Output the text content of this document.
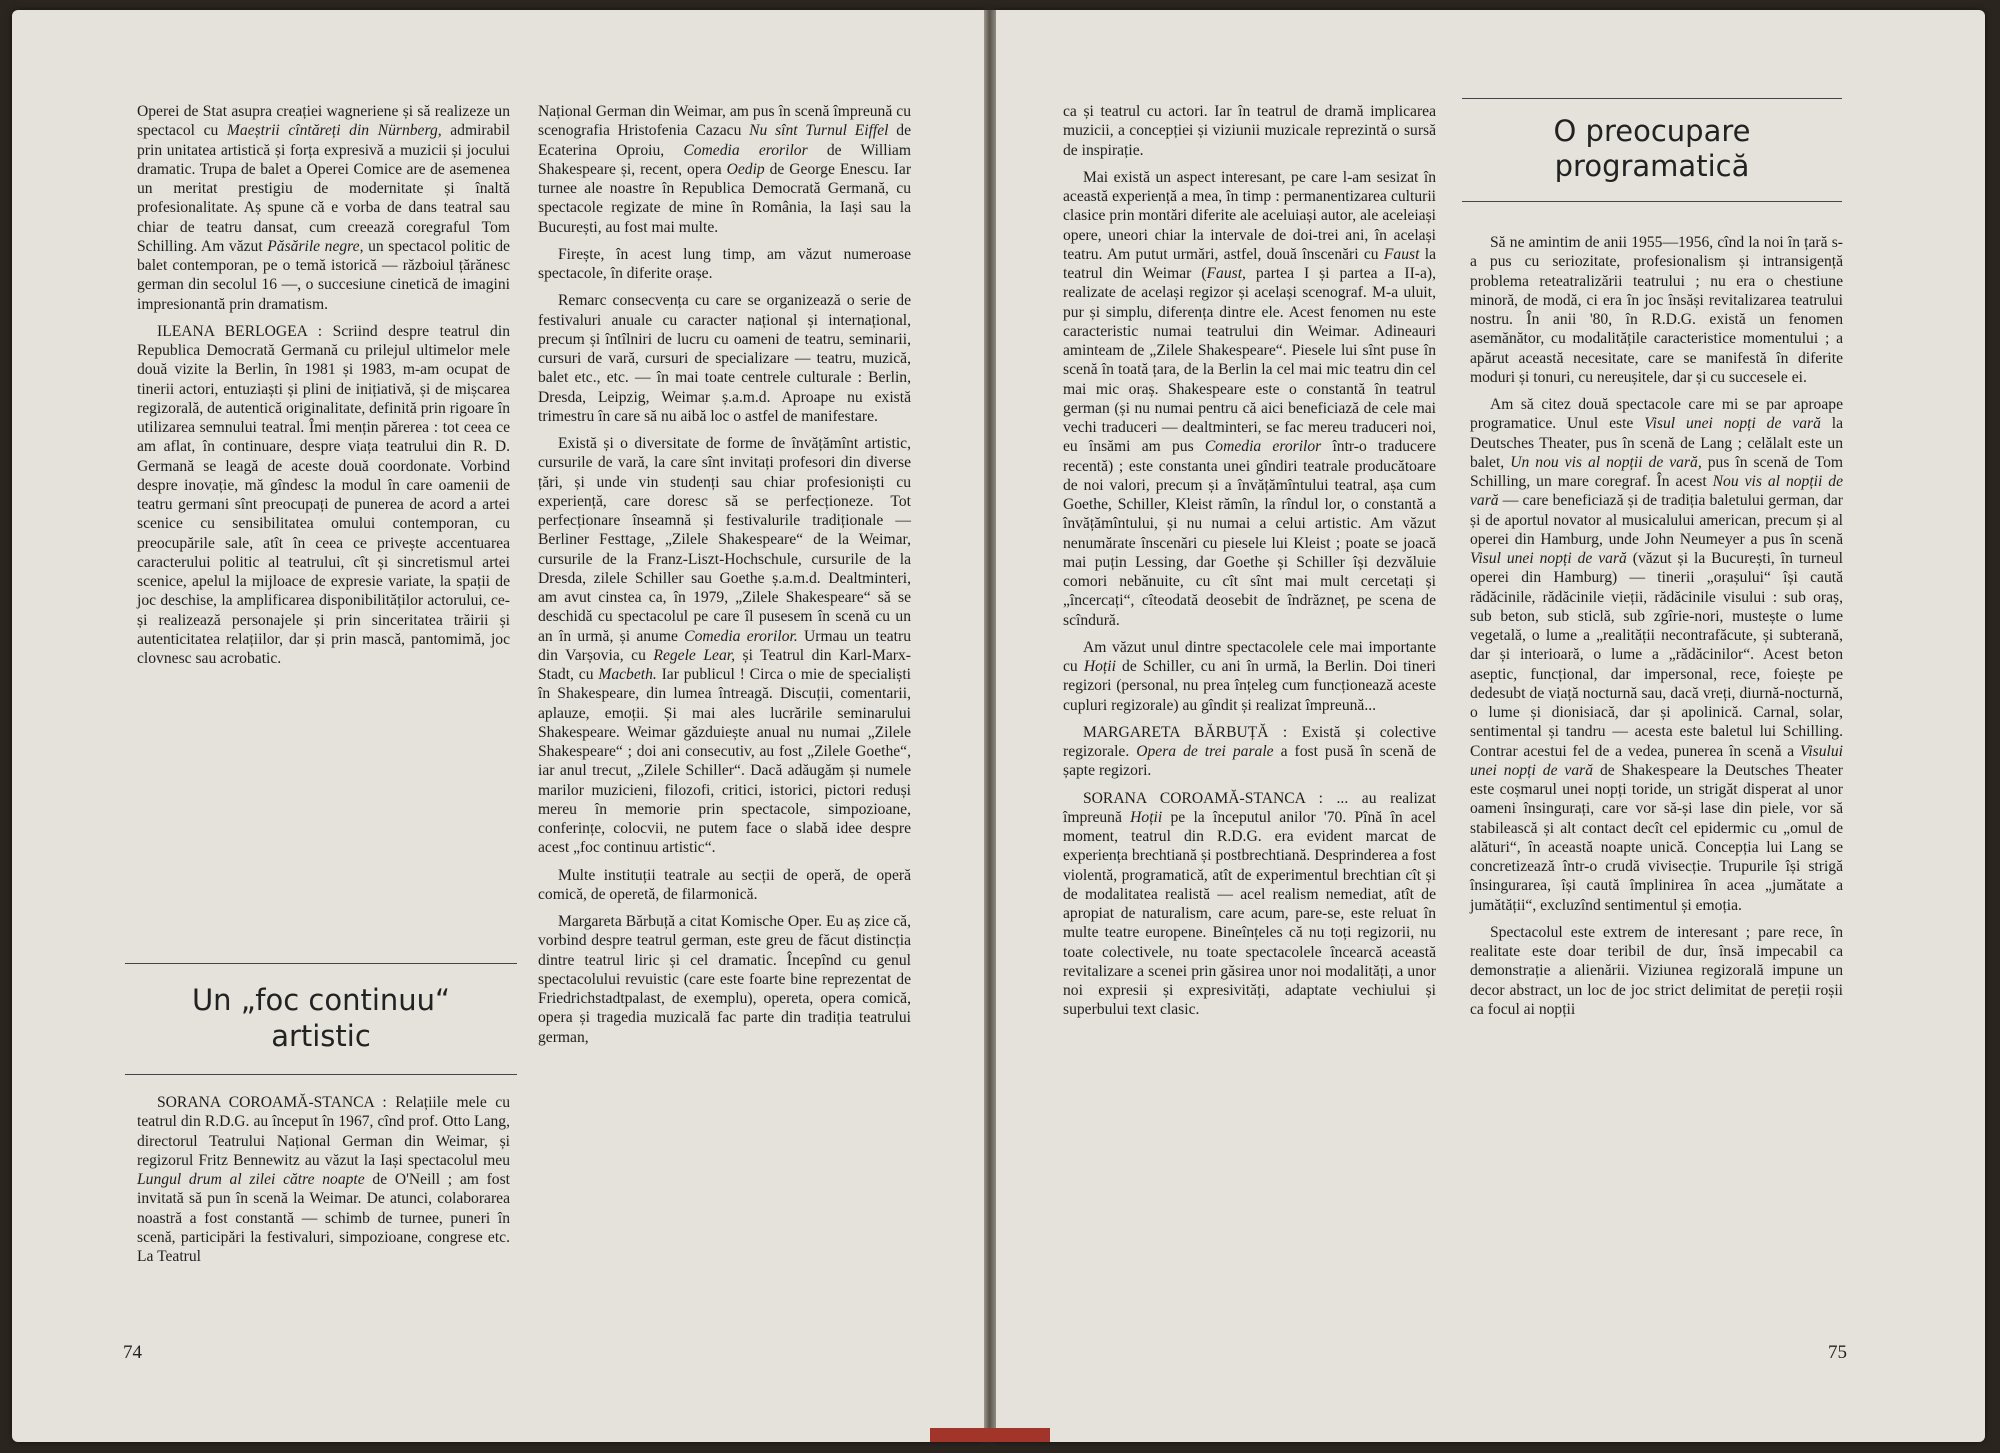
Operei de Stat asupra creației wagneriene și să realizeze un spectacol cu Maeștrii cîntăreți din Nürnberg, admirabil prin unitatea artistică și forța expresivă a muzicii și jocului dramatic. Trupa de balet a Operei Comice are de asemenea un meritat prestigiu de modernitate și înaltă profesionalitate. Aș spune că e vorba de dans teatral sau chiar de teatru dansat, cum creează coregraful Tom Schilling. Am văzut Păsările negre, un spectacol politic de balet contemporan, pe o temă istorică — războiul țărănesc german din secolul 16 —, o succesiune cinetică de imagini impresionantă prin dramatism.

ILEANA BERLOGEA : Scriind despre teatrul din Republica Democrată Germană cu prilejul ultimelor mele două vizite la Berlin, în 1981 și 1983, m-am ocupat de tinerii actori, entuziaști și plini de inițiativă, și de mișcarea regizorală, de autentică originalitate, definită prin rigoare în utilizarea semnului teatral. Îmi mențin părerea : tot ceea ce am aflat, în continuare, despre viața teatrului din R. D. Germană se leagă de aceste două coordonate. Vorbind despre inovație, mă gîndesc la modul în care oamenii de teatru germani sînt preocupați de punerea de acord a artei scenice cu sensibilitatea omului contemporan, cu preocupările sale, atît în ceea ce privește accentuarea caracterului politic al teatrului, cît și sincretismul artei scenice, apelul la mijloace de expresie variate, la spații de joc deschise, la amplificarea disponibilităților actorului, ce-și realizează personajele și prin sinceritatea trăirii și autenticitatea relațiilor, dar și prin mască, pantomimă, joc clovnesc sau acrobatic.

Un „foc continuu“
artistic

SORANA COROAMĂ-STANCA : Relațiile mele cu teatrul din R.D.G. au început în 1967, cînd prof. Otto Lang, directorul Teatrului Național German din Weimar, și regizorul Fritz Bennewitz au văzut la Iași spectacolul meu Lungul drum al zilei către noapte de O'Neill ; am fost invitată să pun în scenă la Weimar. De atunci, colaborarea noastră a fost constantă — schimb de turnee, puneri în scenă, participări la festivaluri, simpozioane, congrese etc. La Teatrul

Național German din Weimar, am pus în scenă împreună cu scenografia Hristofenia Cazacu Nu sînt Turnul Eiffel de Ecaterina Oproiu, Comedia erorilor de William Shakespeare și, recent, opera Oedip de George Enescu. Iar turnee ale noastre în Republica Democrată Germană, cu spectacole regizate de mine în România, la Iași sau la București, au fost mai multe.

Firește, în acest lung timp, am văzut numeroase spectacole, în diferite orașe.

Remarc consecvența cu care se organizează o serie de festivaluri anuale cu caracter național și internațional, precum și întîlniri de lucru cu oameni de teatru, seminarii, cursuri de vară, cursuri de specializare — teatru, muzică, balet etc., etc. — în mai toate centrele culturale : Berlin, Dresda, Leipzig, Weimar ș.a.m.d. Aproape nu există trimestru în care să nu aibă loc o astfel de manifestare.

Există și o diversitate de forme de învățămînt artistic, cursurile de vară, la care sînt invitați profesori din diverse țări, și unde vin studenți sau chiar profesioniști cu experiență, care doresc să se perfecționeze. Tot perfecționare înseamnă și festivalurile tradiționale — Berliner Festtage, „Zilele Shakespeare“ de la Weimar, cursurile de la Franz-Liszt-Hochschule, cursurile de la Dresda, zilele Schiller sau Goethe ș.a.m.d. Dealtminteri, am avut cinstea ca, în 1979, „Zilele Shakespeare“ să se deschidă cu spectacolul pe care îl pusesem în scenă cu un an în urmă, și anume Comedia erorilor. Urmau un teatru din Varșovia, cu Regele Lear, și Teatrul din Karl-Marx-Stadt, cu Macbeth. Iar publicul ! Circa o mie de specialiști în Shakespeare, din lumea întreagă. Discuții, comentarii, aplauze, emoții. Și mai ales lucrările seminarului Shakespeare. Weimar găzduiește anual nu numai „Zilele Shakespeare“ ; doi ani consecutiv, au fost „Zilele Goethe“, iar anul trecut, „Zilele Schiller“. Dacă adăugăm și numele marilor muzicieni, filozofi, critici, istorici, pictori reduși mereu în memorie prin spectacole, simpozioane, conferințe, colocvii, ne putem face o slabă idee despre acest „foc continuu artistic“.

Multe instituții teatrale au secții de operă, de operă comică, de operetă, de filarmonică.

Margareta Bărbuță a citat Komische Oper. Eu aș zice că, vorbind despre teatrul german, este greu de făcut distincția dintre teatrul liric și cel dramatic. Începînd cu genul spectacolului revuistic (care este foarte bine reprezentat de Friedrichstadtpalast, de exemplu), opereta, opera comică, opera și tragedia muzicală fac parte din tradiția teatrului german,

74

ca și teatrul cu actori. Iar în teatrul de dramă implicarea muzicii, a concepției și viziunii muzicale reprezintă o sursă de inspirație.

Mai există un aspect interesant, pe care l-am sesizat în această experiență a mea, în timp : permanentizarea culturii clasice prin montări diferite ale aceluiași autor, ale aceleiași opere, uneori chiar la intervale de doi-trei ani, în același teatru. Am putut urmări, astfel, două înscenări cu Faust la teatrul din Weimar (Faust, partea I și partea a II-a), realizate de același regizor și același scenograf. M-a uluit, pur și simplu, diferența dintre ele. Acest fenomen nu este caracteristic numai teatrului din Weimar. Adineauri aminteam de „Zilele Shakespeare“. Piesele lui sînt puse în scenă în toată țara, de la Berlin la cel mai mic teatru din cel mai mic oraș. Shakespeare este o constantă în teatrul german (și nu numai pentru că aici beneficiază de cele mai vechi traduceri — dealtminteri, se fac mereu traduceri noi, eu însămi am pus Comedia erorilor într-o traducere recentă) ; este constanta unei gîndiri teatrale producătoare de noi valori, precum și a învățămîntului teatral, așa cum Goethe, Schiller, Kleist rămîn, la rîndul lor, o constantă a învățămîntului, și nu numai a celui artistic. Am văzut nenumărate înscenări cu piesele lui Kleist ; poate se joacă mai puțin Lessing, dar Goethe și Schiller își dezvăluie comori nebănuite, cu cît sînt mai mult cercetați și „încercați“, cîteodată deosebit de îndrăzneț, pe scena de scîndură.

Am văzut unul dintre spectacolele cele mai importante cu Hoții de Schiller, cu ani în urmă, la Berlin. Doi tineri regizori (personal, nu prea înțeleg cum funcționează aceste cupluri regizorale) au gîndit și realizat împreună...

MARGARETA BĂRBUȚĂ : Există și colective regizorale. Opera de trei parale a fost pusă în scenă de șapte regizori.

SORANA COROAMĂ-STANCA : ... au realizat împreună Hoții pe la începutul anilor '70. Pînă în acel moment, teatrul din R.D.G. era evident marcat de experiența brechtiană și postbrechtiană. Desprinderea a fost violentă, programatică, atît de experimentul brechtian cît și de modalitatea realistă — acel realism nemediat, atît de apropiat de naturalism, care acum, pare-se, este reluat în multe teatre europene. Bineînțeles că nu toți regizorii, nu toate colectivele, nu toate spectacolele încearcă această revitalizare a scenei prin găsirea unor noi modalități, a unor noi expresii și expresivități, adaptate vechiului și superbului text clasic.

O preocupare
programatică

Să ne amintim de anii 1955—1956, cînd la noi în țară s-a pus cu seriozitate, profesionalism și intransigență problema reteatralizării teatrului ; nu era o chestiune minoră, de modă, ci era în joc însăși revitalizarea teatrului nostru. În anii '80, în R.D.G. există un fenomen asemănător, cu modalitățile caracteristice momentului ; a apărut această necesitate, care se manifestă în diferite moduri și tonuri, cu nereușitele, dar și cu succesele ei.

Am să citez două spectacole care mi se par aproape programatice. Unul este Visul unei nopți de vară la Deutsches Theater, pus în scenă de Lang ; celălalt este un balet, Un nou vis al nopții de vară, pus în scenă de Tom Schilling, un mare coregraf. În acest Nou vis al nopții de vară — care beneficiază și de tradiția baletului german, dar și de aportul novator al musicalului american, precum și al operei din Hamburg, unde John Neumeyer a pus în scenă Visul unei nopți de vară (văzut și la București, în turneul operei din Hamburg) — tinerii „orașului“ își caută rădăcinile, rădăcinile vieții, rădăcinile visului : sub oraș, sub beton, sub sticlă, sub zgîrie-nori, mustește o lume vegetală, o lume a „realității necontrafăcute, și subterană, dar și interioară, o lume a „rădăcinilor“. Acest beton aseptic, funcțional, dar impersonal, rece, foiește pe dedesubt de viață nocturnă sau, dacă vreți, diurnă-nocturnă, o lume și dionisiacă, dar și apolinică. Carnal, solar, sentimental și tandru — acesta este baletul lui Schilling. Contrar acestui fel de a vedea, punerea în scenă a Visului unei nopți de vară de Shakespeare la Deutsches Theater este coșmarul unei nopți toride, un strigăt disperat al unor oameni însingurați, care vor să-și lase din piele, vor să stabilească și alt contact decît cel epidermic cu „omul de alături“, în această noapte unică. Concepția lui Lang se concretizează într-o crudă vivisecție. Trupurile își strigă însingurarea, își caută împlinirea în acea „jumătate a jumătății“, excluzînd sentimentul și emoția.

Spectacolul este extrem de interesant ; pare rece, în realitate este doar teribil de dur, însă impecabil ca demonstrație a alienării. Viziunea regizorală impune un decor abstract, un loc de joc strict delimitat de pereții roșii ca focul ai nopții

75
